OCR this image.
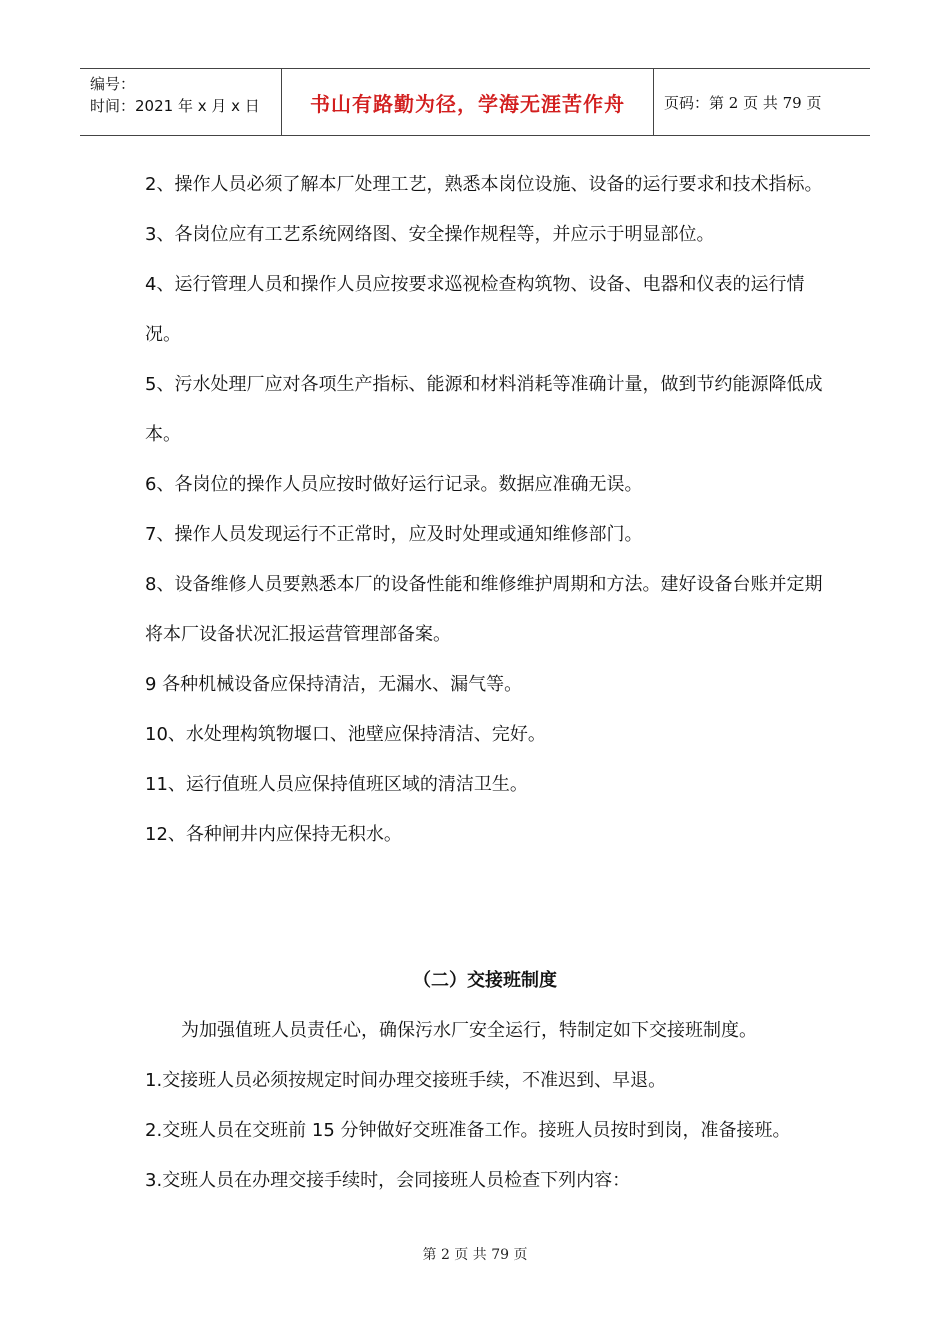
编号：
时间：2021 年 x 月 x 日	书山有路勤为径，学海无涯苦作舟	页码：第 2 页 共 79 页

2、操作人员必须了解本厂处理工艺，熟悉本岗位设施、设备的运行要求和技术指标。

3、各岗位应有工艺系统网络图、安全操作规程等，并应示于明显部位。

4、运行管理人员和操作人员应按要求巡视检查构筑物、设备、电器和仪表的运行情况。

5、污水处理厂应对各项生产指标、能源和材料消耗等准确计量，做到节约能源降低成本。

6、各岗位的操作人员应按时做好运行记录。数据应准确无误。

7、操作人员发现运行不正常时，应及时处理或通知维修部门。

8、设备维修人员要熟悉本厂的设备性能和维修维护周期和方法。建好设备台账并定期将本厂设备状况汇报运营管理部备案。

9 各种机械设备应保持清洁，无漏水、漏气等。

10、水处理构筑物堰口、池壁应保持清洁、完好。

11、运行值班人员应保持值班区域的清洁卫生。

12、各种闸井内应保持无积水。

（二）交接班制度

为加强值班人员责任心，确保污水厂安全运行，特制定如下交接班制度。

1.交接班人员必须按规定时间办理交接班手续，不准迟到、早退。

2.交班人员在交班前 15 分钟做好交班准备工作。接班人员按时到岗，准备接班。

3.交班人员在办理交接手续时，会同接班人员检查下列内容：

第 2 页 共 79 页
